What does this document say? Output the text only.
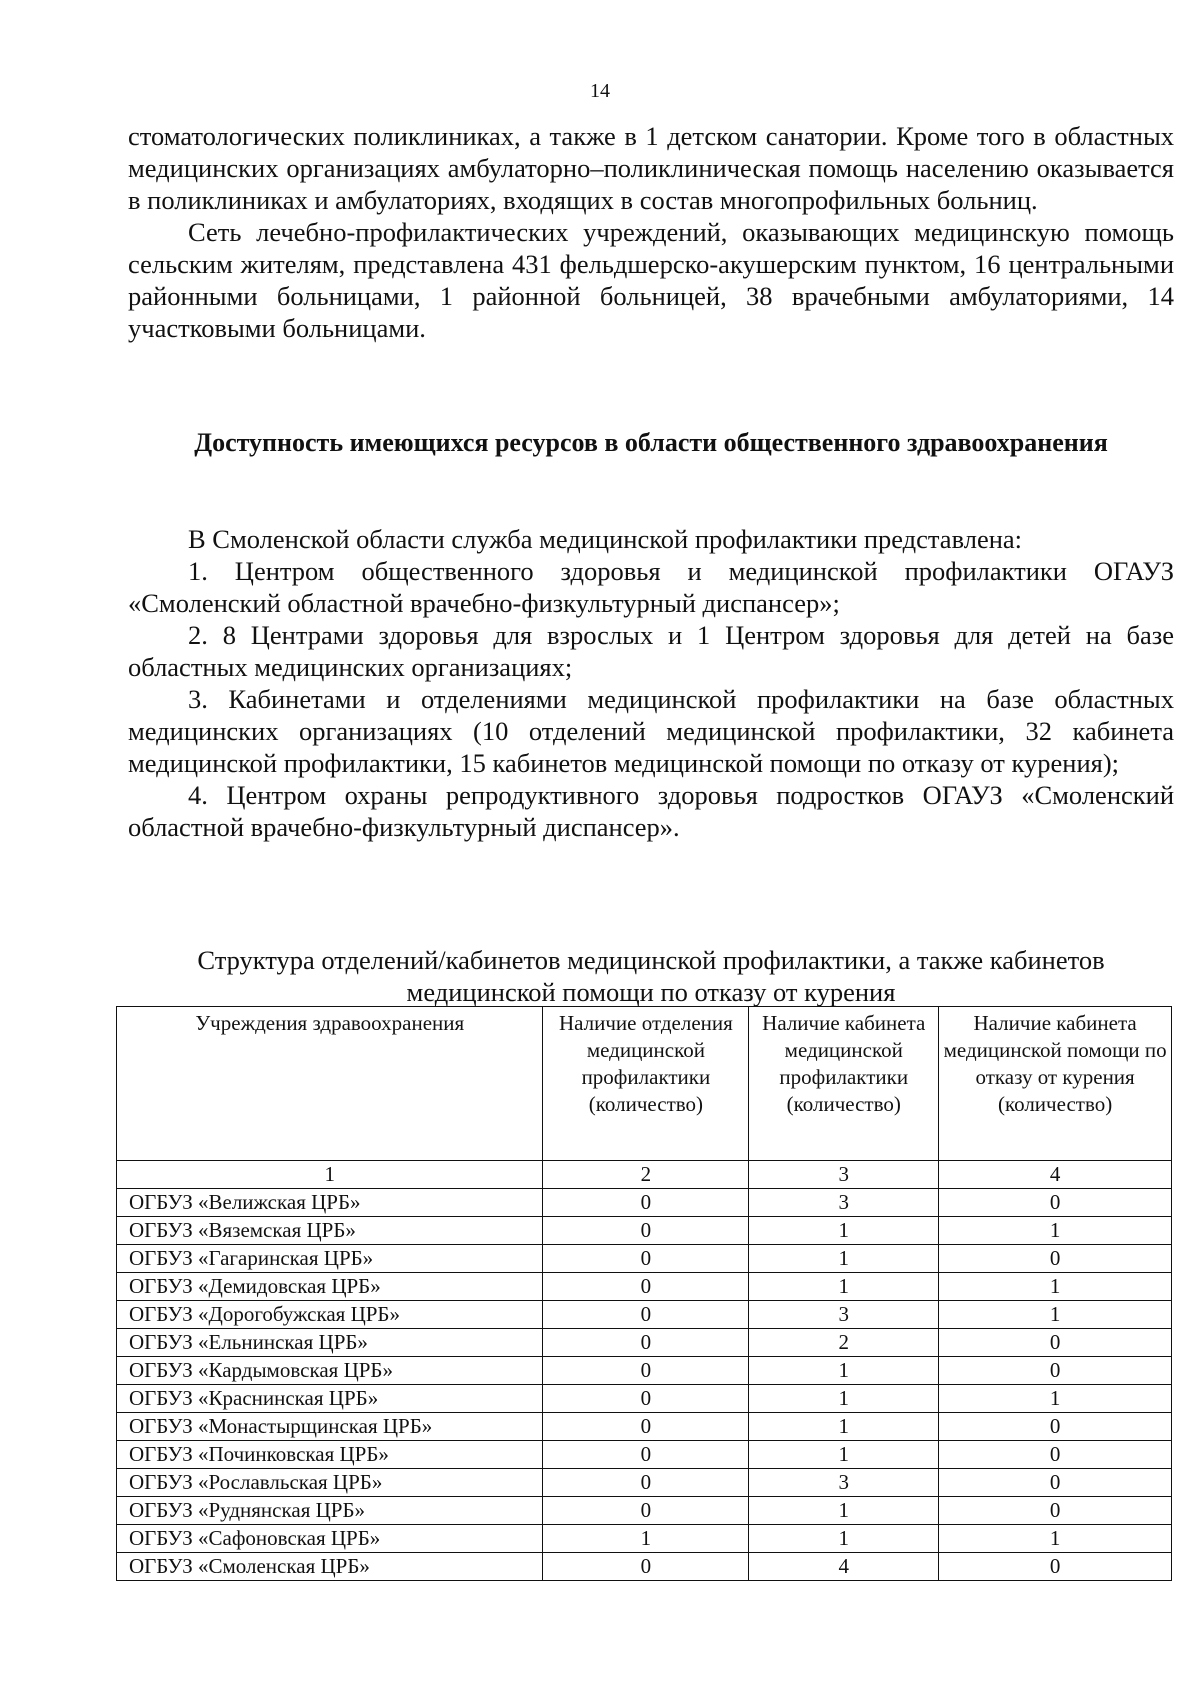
14

стоматологических поликлиниках, а также в 1 детском санатории. Кроме того в областных медицинских организациях амбулаторно–поликлиническая помощь населению оказывается в поликлиниках и амбулаториях, входящих в состав многопрофильных больниц.

Сеть лечебно-профилактических учреждений, оказывающих медицинскую помощь сельским жителям, представлена 431 фельдшерско-акушерским пунктом, 16 центральными районными больницами, 1 районной больницей, 38 врачебными амбулаториями, 14 участковыми больницами.

Доступность имеющихся ресурсов в области общественного здравоохранения

В Смоленской области служба медицинской профилактики представлена:

1. Центром общественного здоровья и медицинской профилактики ОГАУЗ «Смоленский областной врачебно-физкультурный диспансер»;

2. 8 Центрами здоровья для взрослых и 1 Центром здоровья для детей на базе областных медицинских организациях;

3. Кабинетами и отделениями медицинской профилактики на базе областных медицинских организациях (10 отделений медицинской профилактики, 32 кабинета медицинской профилактики, 15 кабинетов медицинской помощи по отказу от курения);

4. Центром охраны репродуктивного здоровья подростков ОГАУЗ «Смоленский областной врачебно-физкультурный диспансер».

Структура отделений/кабинетов медицинской профилактики, а также кабинетов медицинской помощи по отказу от курения
Учреждения здравоохранения	Наличие отделения медицинской профилактики (количество)	Наличие кабинета медицинской профилактики (количество)	Наличие кабинета медицинской помощи по отказу от курения (количество)
1	2	3	4
ОГБУЗ «Велижская ЦРБ»	0	3	0
ОГБУЗ «Вяземская ЦРБ»	0	1	1
ОГБУЗ «Гагаринская ЦРБ»	0	1	0
ОГБУЗ «Демидовская ЦРБ»	0	1	1
ОГБУЗ «Дорогобужская ЦРБ»	0	3	1
ОГБУЗ «Ельнинская ЦРБ»	0	2	0
ОГБУЗ «Кардымовская ЦРБ»	0	1	0
ОГБУЗ «Краснинская ЦРБ»	0	1	1
ОГБУЗ «Монастырщинская ЦРБ»	0	1	0
ОГБУЗ «Починковская ЦРБ»	0	1	0
ОГБУЗ «Рославльская ЦРБ»	0	3	0
ОГБУЗ «Руднянская ЦРБ»	0	1	0
ОГБУЗ «Сафоновская ЦРБ»	1	1	1
ОГБУЗ «Смоленская ЦРБ»	0	4	0
